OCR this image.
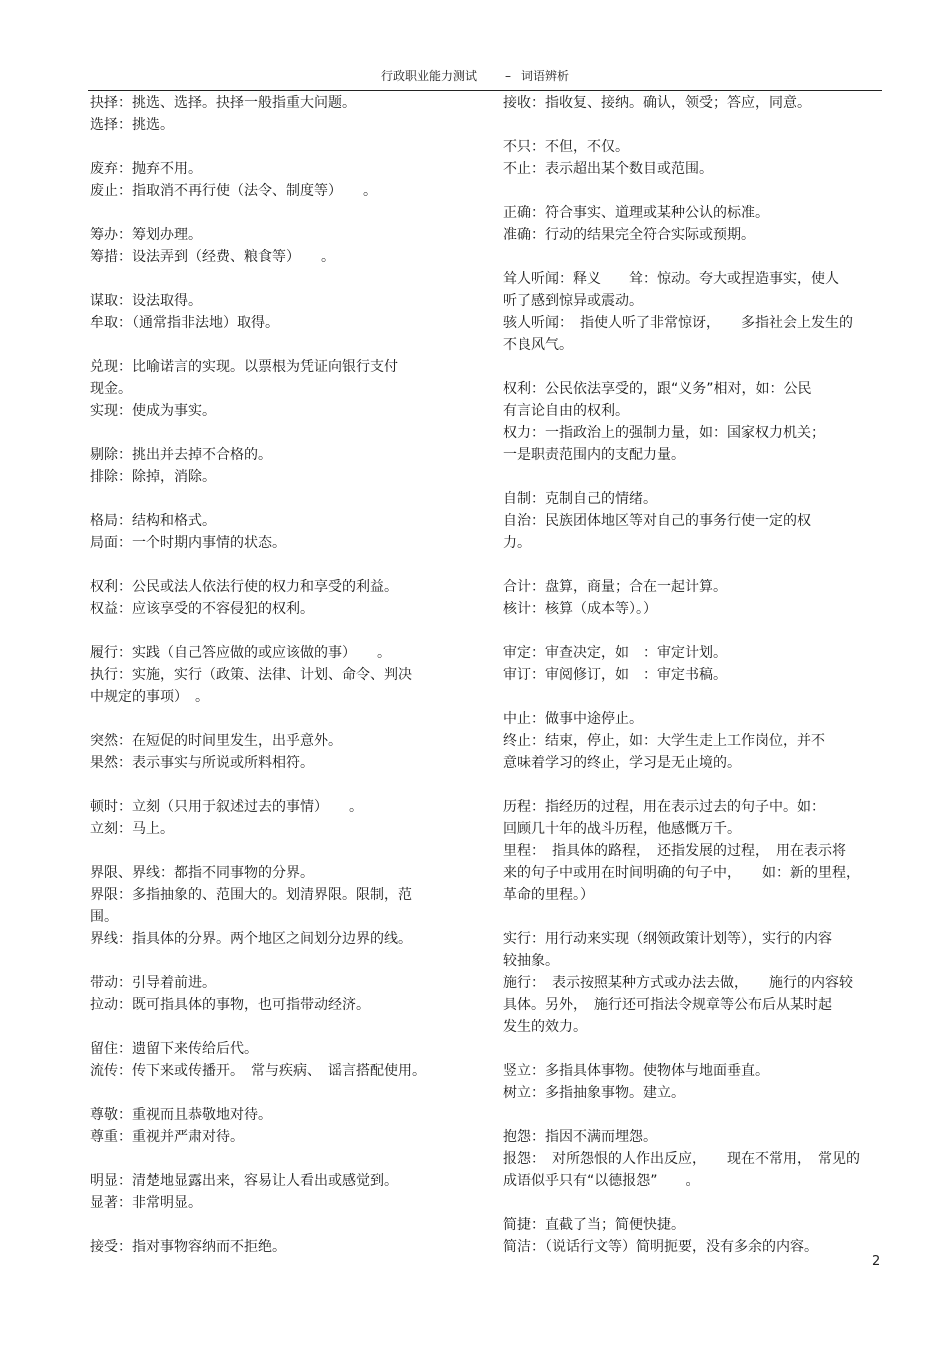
行政职业能力测试 – 词语辨析
抉择：挑选、选择。抉择一般指重大问题。
选择：挑选。
废弃：抛弃不用。
废止：指取消不再行使（法令、制度等）　　。
筹办：筹划办理。
筹措：设法弄到（经费、粮食等）　　。
谋取：设法取得。
牟取：（通常指非法地）取得。
兑现：比喻诺言的实现。以票根为凭证向银行支付
现金。
实现：使成为事实。
剔除：挑出并去掉不合格的。
排除：除掉，消除。
格局：结构和格式。
局面：一个时期内事情的状态。
权利：公民或法人依法行使的权力和享受的利益。
权益：应该享受的不容侵犯的权利。
履行：实践（自己答应做的或应该做的事）　　。
执行：实施，实行（政策、法律、计划、命令、判决
中规定的事项）　。
突然：在短促的时间里发生，出乎意外。
果然：表示事实与所说或所料相符。
顿时：立刻（只用于叙述过去的事情）　　。
立刻：马上。
界限、界线：都指不同事物的分界。
界限：多指抽象的、范围大的。划清界限。限制，范
围。
界线：指具体的分界。两个地区之间划分边界的线。
带动：引导着前进。
拉动：既可指具体的事物，也可指带动经济。
留住：遗留下来传给后代。
流传：传下来或传播开。　常与疾病、　谣言搭配使用。
尊敬：重视而且恭敬地对待。
尊重：重视并严肃对待。
明显：清楚地显露出来，容易让人看出或感觉到。
显著：非常明显。
接受：指对事物容纳而不拒绝。
接收：指收复、接纳。确认，领受；答应，同意。
不只：不但，不仅。
不止：表示超出某个数目或范围。
正确：符合事实、道理或某种公认的标准。
准确：行动的结果完全符合实际或预期。
耸人听闻：释义　　耸：惊动。夸大或捏造事实，使人
听了感到惊异或震动。
骇人听闻：　指使人听了非常惊讶，　　多指社会上发生的
不良风气。
权利：公民依法享受的，跟“义务”相对，如：公民
有言论自由的权利。
权力：一指政治上的强制力量，如：国家权力机关；
一是职责范围内的支配力量。
自制：克制自己的情绪。
自治：民族团体地区等对自己的事务行使一定的权
力。
合计：盘算，商量；合在一起计算。
核计：核算（成本等）。）
审定：审查决定，如　：审定计划。
审订：审阅修订，如　：审定书稿。
中止：做事中途停止。
终止：结束，停止，如：大学生走上工作岗位，并不
意味着学习的终止，学习是无止境的。
历程：指经历的过程，用在表示过去的句子中。如：
回顾几十年的战斗历程，他感慨万千。
里程：　指具体的路程，　还指发展的过程，　用在表示将
来的句子中或用在时间明确的句子中，　　如：新的里程，
革命的里程。）
实行：用行动来实现（纲领政策计划等），实行的内容
较抽象。
施行：　表示按照某种方式或办法去做，　　施行的内容较
具体。另外，　施行还可指法令规章等公布后从某时起
发生的效力。
竖立：多指具体事物。使物体与地面垂直。
树立：多指抽象事物。建立。
抱怨：指因不满而埋怨。
报怨：　对所怨恨的人作出反应，　　现在不常用，　常见的
成语似乎只有“以德报怨”　　。
简捷：直截了当；简便快捷。
简洁：（说话行文等）简明扼要，没有多余的内容。
2
